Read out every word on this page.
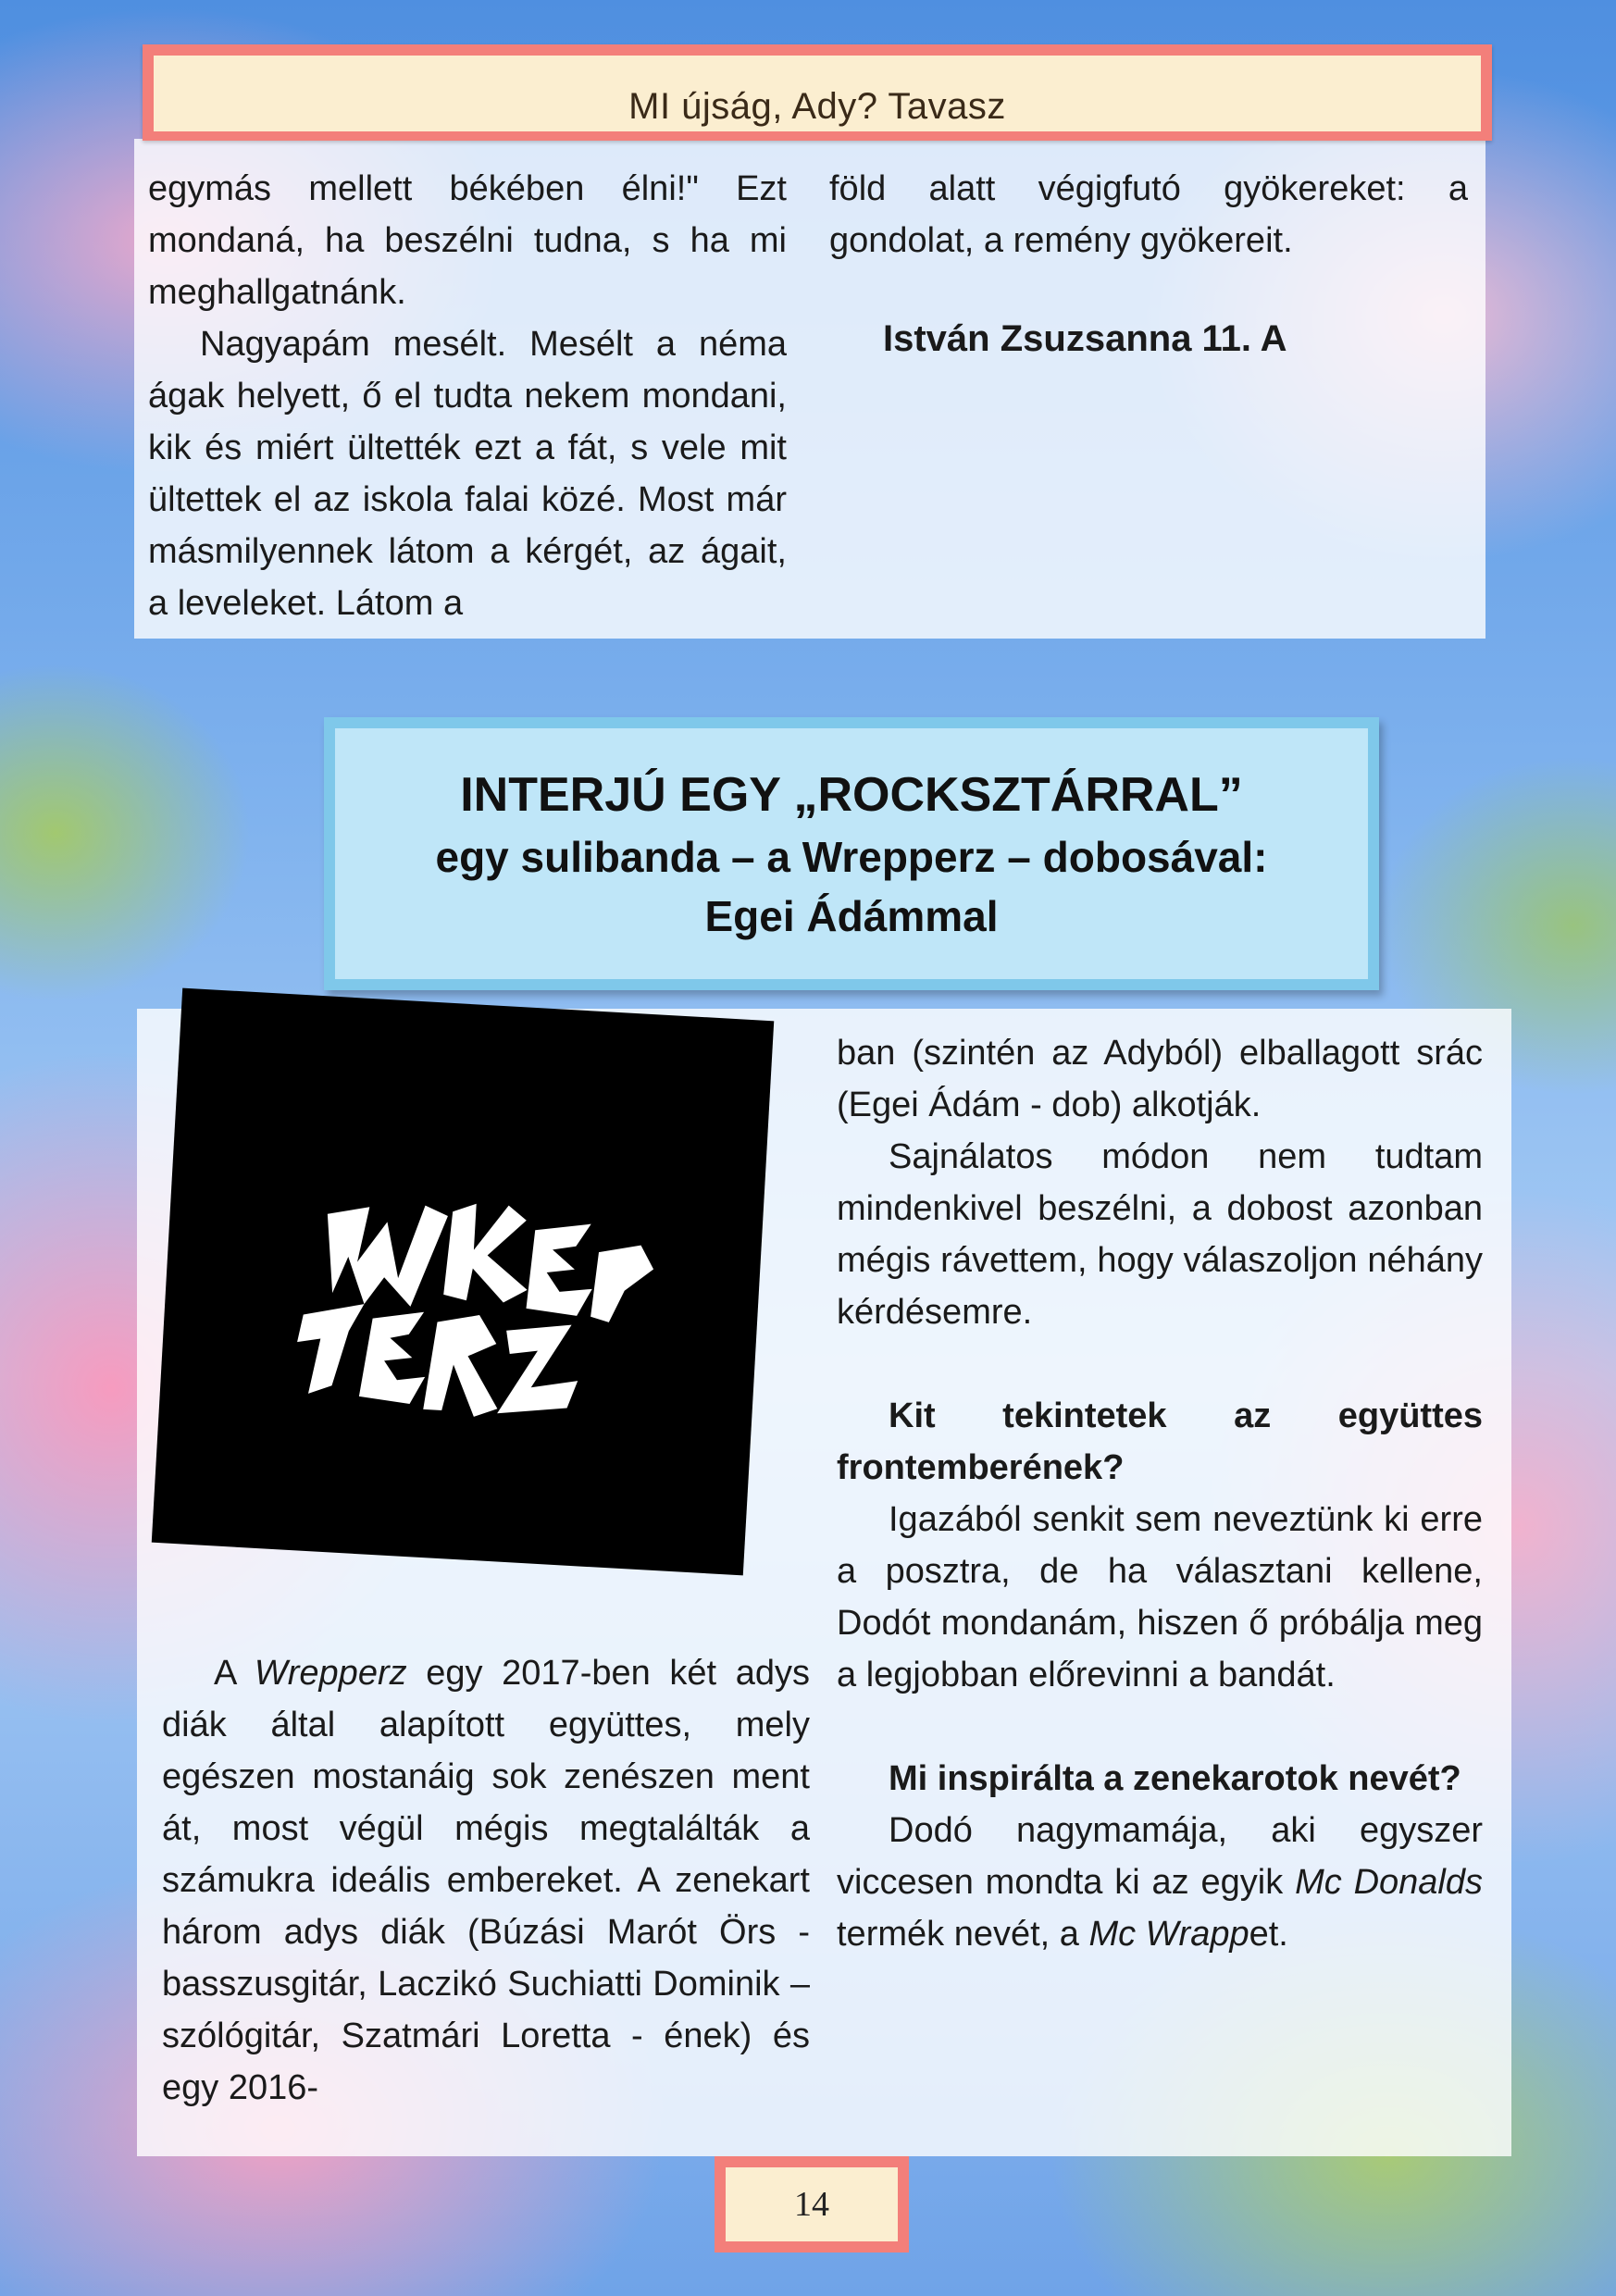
MI újság, Ady? Tavasz

egymás mellett békében élni!" Ezt mondaná, ha beszélni tudna, s ha mi meghallgatnánk.

Nagyapám mesélt. Mesélt a néma ágak helyett, ő el tudta nekem mondani, kik és miért ültették ezt a fát, s vele mit ültettek el az iskola falai közé. Most már másmilyennek látom a kérgét, az ágait, a leveleket. Látom a

föld alatt végigfutó gyökereket: a gondolat, a remény gyökereit.

István Zsuzsanna 11. A

INTERJÚ EGY „ROCKSZTÁRRAL”
egy sulibanda – a Wrepperz – dobosával:
Egei Ádámmal

A Wrepperz egy 2017-ben két adys diák által alapított együttes, mely egészen mostanáig sok zenészen ment át, most végül mégis megtalálták a számukra ideális embereket. A zenekart három adys diák (Búzási Marót Örs - basszusgitár, Laczikó Suchiatti Dominik – szólógitár, Szatmári Loretta - ének) és egy 2016-

ban (szintén az Adyból) elballagott srác (Egei Ádám - dob) alkotják.

Sajnálatos módon nem tudtam mindenkivel beszélni, a dobost azonban mégis rávettem, hogy válaszoljon néhány kérdésemre.

Kit tekintetek az együttes frontemberének?

Igazából senkit sem neveztünk ki erre a posztra, de ha választani kellene, Dodót mondanám, hiszen ő próbálja meg a legjobban előrevinni a bandát.

Mi inspirálta a zenekarotok nevét?

Dodó nagymamája, aki egyszer viccesen mondta ki az egyik Mc Donalds termék nevét, a Mc Wrappet.

14
